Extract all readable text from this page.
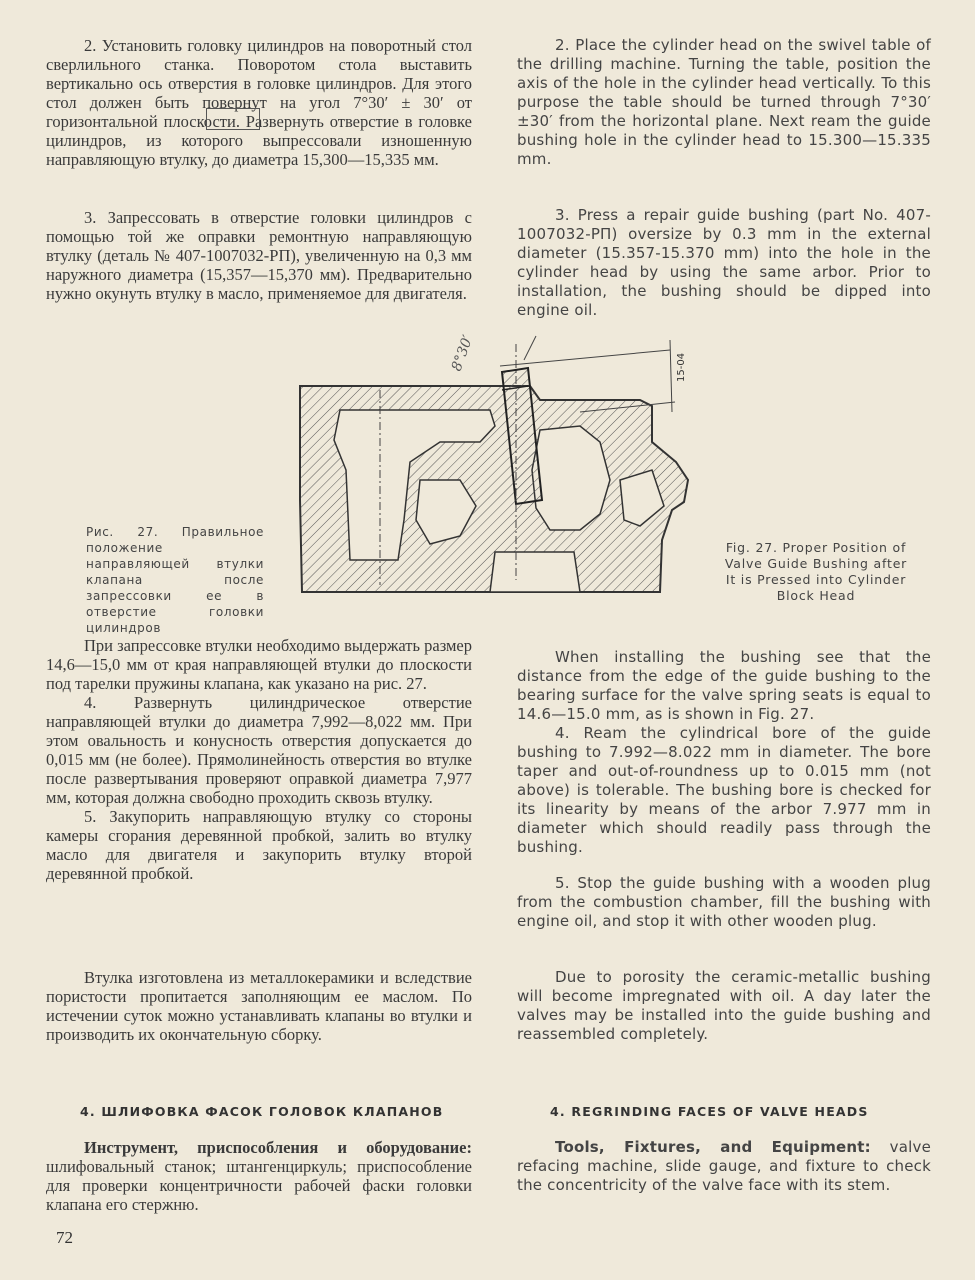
2. Установить головку цилиндров на поворотный стол сверлильного станка. Поворотом стола выставить вертикально ось отверстия в головке цилиндров. Для этого стол должен быть повернут на угол 7°30′ ± 30′ от горизонтальной плоскости. Развернуть отверстие в головке цилиндров, из которого выпрессовали изношенную направляющую втулку, до диаметра 15,300—15,335 мм.

3. Запрессовать в отверстие головки цилиндров с помощью той же оправки ремонтную направляющую втулку (деталь № 407-1007032-РП), увеличенную на 0,3 мм наружного диаметра (15,357—15,370 мм). Предварительно нужно окунуть втулку в масло, применяемое для двигателя.

2. Place the cylinder head on the swivel table of the drilling machine. Turning the table, position the axis of the hole in the cylinder head vertically. To this purpose the table should be turned through 7°30′±30′ from the horizontal plane. Next ream the guide bushing hole in the cylinder head to 15.300—15.335 mm.

3. Press a repair guide bushing (part No. 407-1007032-РП) oversize by 0.3 mm in the external diameter (15.357-15.370 mm) into the hole in the cylinder head by using the same arbor. Prior to installation, the bushing should be dipped into engine oil.

15-04
8°30′
Рис. 27. Правильное положение направляющей втулки клапана после запрессовки ее в отверстие головки цилиндров
Fig. 27. Proper Position of Valve Guide Bushing after It is Pressed into Cylinder Block Head

При запрессовке втулки необходимо выдержать размер 14,6—15,0 мм от края направляющей втулки до плоскости под тарелки пружины клапана, как указано на рис. 27.

4. Развернуть цилиндрическое отверстие направляющей втулки до диаметра 7,992—8,022 мм. При этом овальность и конусность отверстия допускается до 0,015 мм (не более). Прямолинейность отверстия во втулке после развертывания проверяют оправкой диаметра 7,977 мм, которая должна свободно проходить сквозь втулку.

5. Закупорить направляющую втулку со стороны камеры сгорания деревянной пробкой, залить во втулку масло для двигателя и закупорить втулку второй деревянной пробкой.

Втулка изготовлена из металлокерамики и вследствие пористости пропитается заполняющим ее маслом. По истечении суток можно устанавливать клапаны во втулки и производить их окончательную сборку.

When installing the bushing see that the distance from the edge of the guide bushing to the bearing surface for the valve spring seats is equal to 14.6—15.0 mm, as is shown in Fig. 27.

4. Ream the cylindrical bore of the guide bushing to 7.992—8.022 mm in diameter. The bore taper and out-of-roundness up to 0.015 mm (not above) is tolerable. The bushing bore is checked for its linearity by means of the arbor 7.977 mm in diameter which should readily pass through the bushing.

5. Stop the guide bushing with a wooden plug from the combustion chamber, fill the bushing with engine oil, and stop it with other wooden plug.

Due to porosity the ceramic-metallic bushing will become impregnated with oil. A day later the valves may be installed into the guide bushing and reassembled completely.

4. ШЛИФОВКА ФАСОК ГОЛОВОК КЛАПАНОВ	4. REGRINDING FACES OF VALVE HEADS

Инструмент, приспособления и оборудование: шлифовальный станок; штангенциркуль; приспособление для проверки концентричности рабочей фаски головки клапана его стержню.

Tools, Fixtures, and Equipment: valve refacing machine, slide gauge, and fixture to check the concentricity of the valve face with its stem.

72
